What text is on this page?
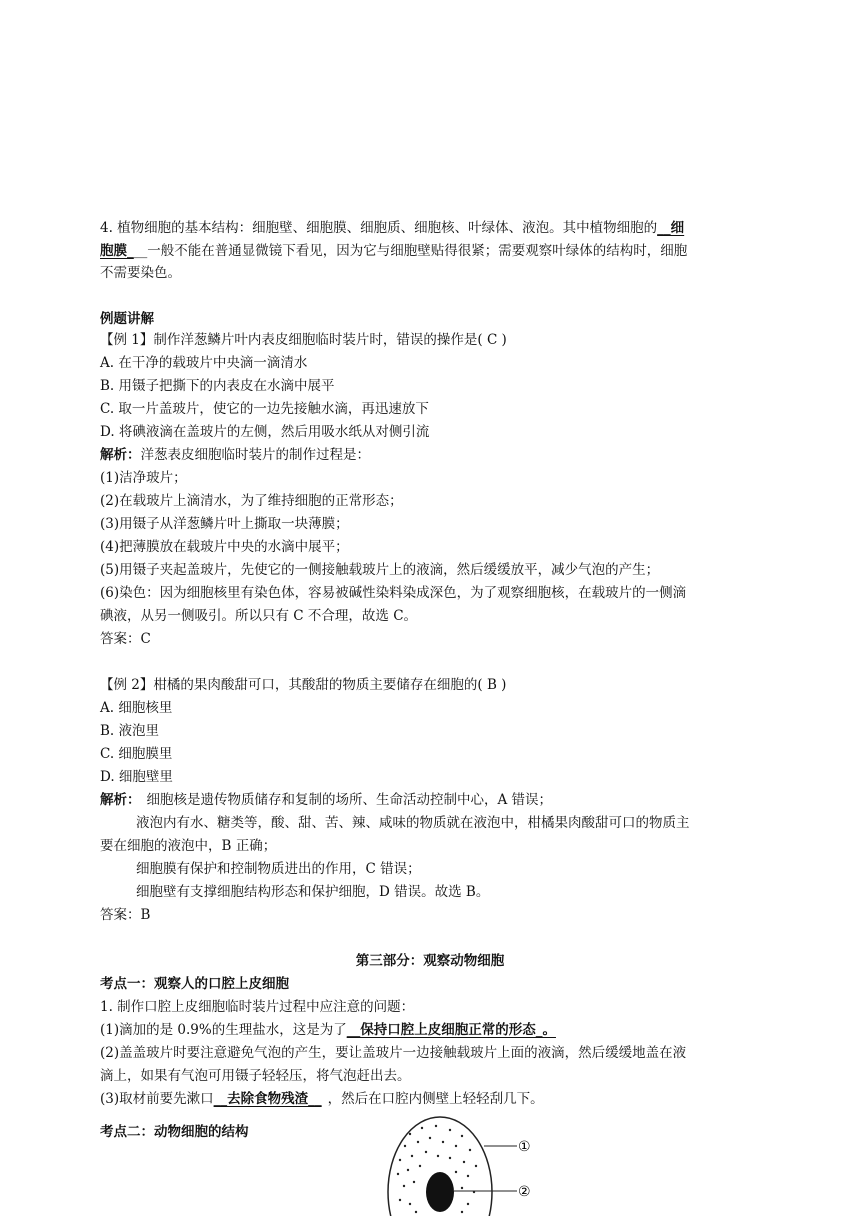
4. 植物细胞的基本结构：细胞壁、细胞膜、细胞质、细胞核、叶绿体、液泡。其中植物细胞的__细
胞膜___一般不能在普通显微镜下看见，因为它与细胞壁贴得很紧；需要观察叶绿体的结构时，细胞
不需要染色。
例题讲解
【例 1】制作洋葱鳞片叶内表皮细胞临时装片时，错误的操作是( C )
A. 在干净的载玻片中央滴一滴清水
B. 用镊子把撕下的内表皮在水滴中展平
C. 取一片盖玻片，使它的一边先接触水滴，再迅速放下
D. 将碘液滴在盖玻片的左侧，然后用吸水纸从对侧引流
解析：洋葱表皮细胞临时装片的制作过程是：
(1)洁净玻片；
(2)在载玻片上滴清水，为了维持细胞的正常形态；
(3)用镊子从洋葱鳞片叶上撕取一块薄膜；
(4)把薄膜放在载玻片中央的水滴中展平；
(5)用镊子夹起盖玻片，先使它的一侧接触载玻片上的液滴，然后缓缓放平，减少气泡的产生；
(6)染色：因为细胞核里有染色体，容易被碱性染料染成深色，为了观察细胞核，在载玻片的一侧滴
碘液，从另一侧吸引。所以只有 C 不合理，故选 C。
答案：C
【例 2】柑橘的果肉酸甜可口，其酸甜的物质主要储存在细胞的( B )
A. 细胞核里
B. 液泡里
C. 细胞膜里
D. 细胞壁里
解析： 细胞核是遗传物质储存和复制的场所、生命活动控制中心，A 错误；
液泡内有水、糖类等，酸、甜、苦、辣、咸味的物质就在液泡中，柑橘果肉酸甜可口的物质主
要在细胞的液泡中，B 正确；
细胞膜有保护和控制物质进出的作用，C 错误；
细胞壁有支撑细胞结构形态和保护细胞，D 错误。故选 B。
答案：B
第三部分：观察动物细胞
考点一：观察人的口腔上皮细胞
1. 制作口腔上皮细胞临时装片过程中应注意的问题：
(1)滴加的是 0.9%的生理盐水，这是为了__保持口腔上皮细胞正常的形态_。
(2)盖盖玻片时要注意避免气泡的产生，要让盖玻片一边接触载玻片上面的液滴，然后缓缓地盖在液
滴上，如果有气泡可用镊子轻轻压，将气泡赶出去。
(3)取材前要先漱口__去除食物残渣__ ，然后在口腔内侧壁上轻轻刮几下。
考点二：动物细胞的结构
①
②
